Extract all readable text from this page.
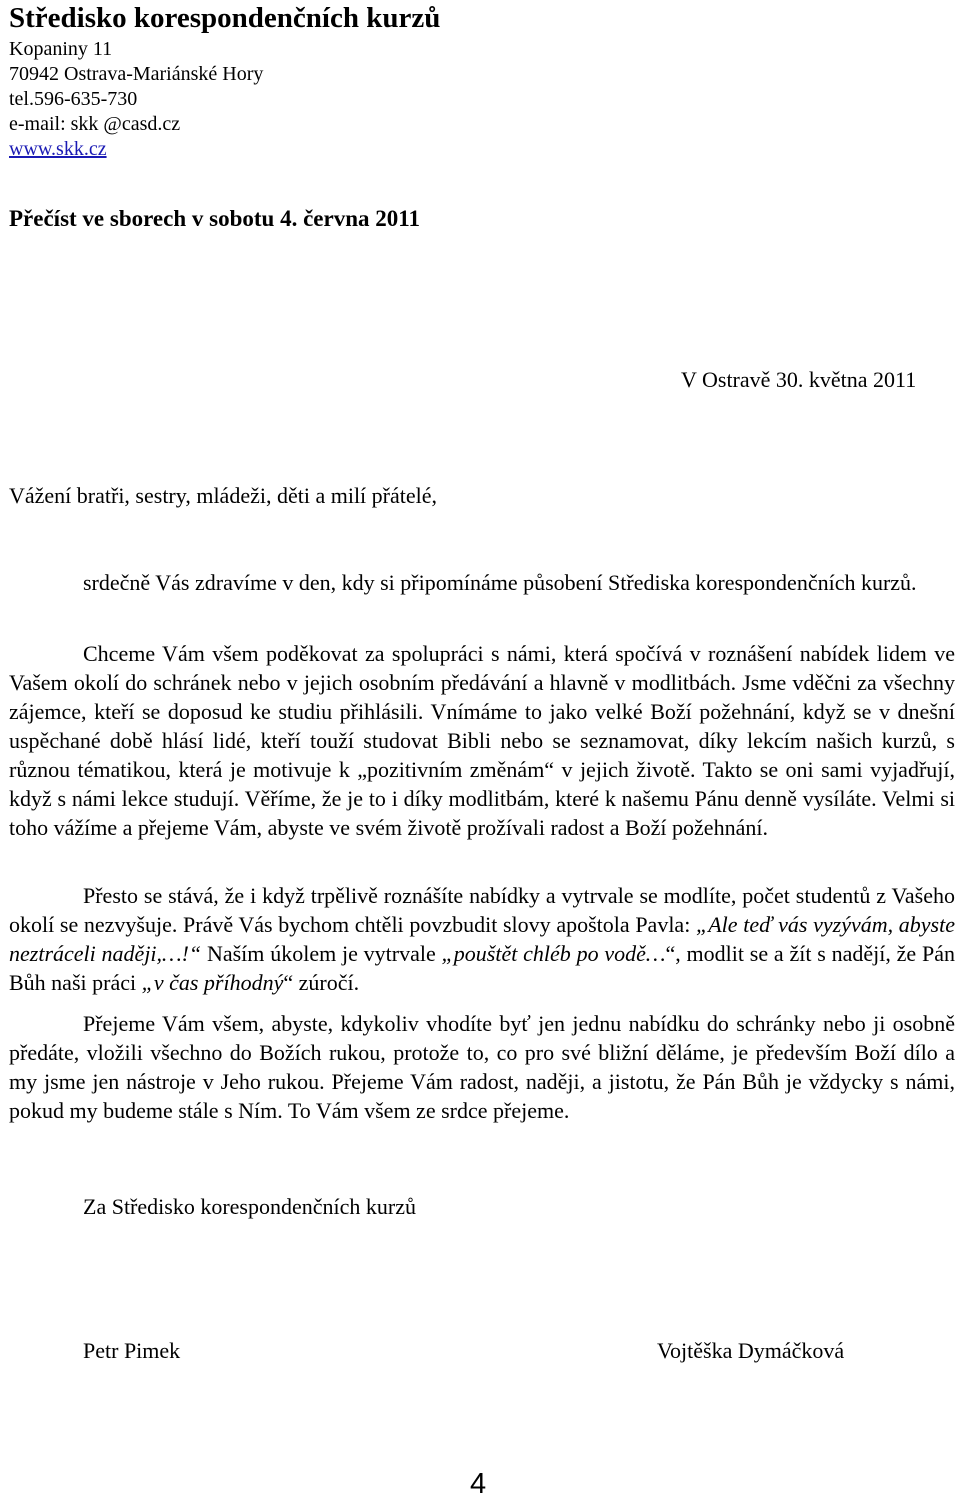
Středisko korespondenčních kurzů
Kopaniny 11
70942 Ostrava-Mariánské Hory
tel.596-635-730
e-mail: skk @casd.cz
www.skk.cz
Přečíst ve sborech v sobotu 4. června 2011
V Ostravě 30. května 2011
Vážení bratři, sestry, mládeži, děti a milí přátelé,
srdečně Vás zdravíme v den, kdy si připomínáme působení Střediska korespondenčních kurzů.
Chceme Vám všem poděkovat za spolupráci s námi, která spočívá v roznášení nabídek lidem ve Vašem okolí do schránek nebo v jejich osobním předávání a hlavně v modlitbách. Jsme vděčni za všechny zájemce, kteří se doposud ke studiu přihlásili. Vnímáme to jako velké Boží požehnání, když se v dnešní uspěchané době hlásí lidé, kteří touží studovat Bibli nebo se seznamovat, díky lekcím našich kurzů, s různou tématikou, která je motivuje k „pozitivním změnám“ v jejich životě. Takto se oni sami vyjadřují, když s námi lekce studují. Věříme, že je to i díky modlitbám, které k našemu Pánu denně vysíláte. Velmi si toho vážíme a přejeme Vám, abyste ve svém životě prožívali radost a Boží požehnání.
Přesto se stává, že i když trpělivě roznášíte nabídky a vytrvale se modlíte, počet studentů z Vašeho okolí se nezvyšuje. Právě Vás bychom chtěli povzbudit slovy apoštola Pavla: „Ale teď vás vyzývám, abyste neztráceli naději,…!“ Naším úkolem je vytrvale „pouštět chléb po vodě…“, modlit se a žít s nadějí, že Pán Bůh naši práci „v čas příhodný“ zúročí.
Přejeme Vám všem, abyste, kdykoliv vhodíte byť jen jednu nabídku do schránky nebo ji osobně předáte, vložili všechno do Božích rukou, protože to, co pro své bližní děláme, je především Boží dílo a my jsme jen nástroje v Jeho rukou. Přejeme Vám radost, naději, a jistotu, že Pán Bůh je vždycky s námi, pokud my budeme stále s Ním. To Vám všem ze srdce přejeme.
Za Středisko korespondenčních kurzů
Petr Pimek	Vojtěška Dymáčková
4
